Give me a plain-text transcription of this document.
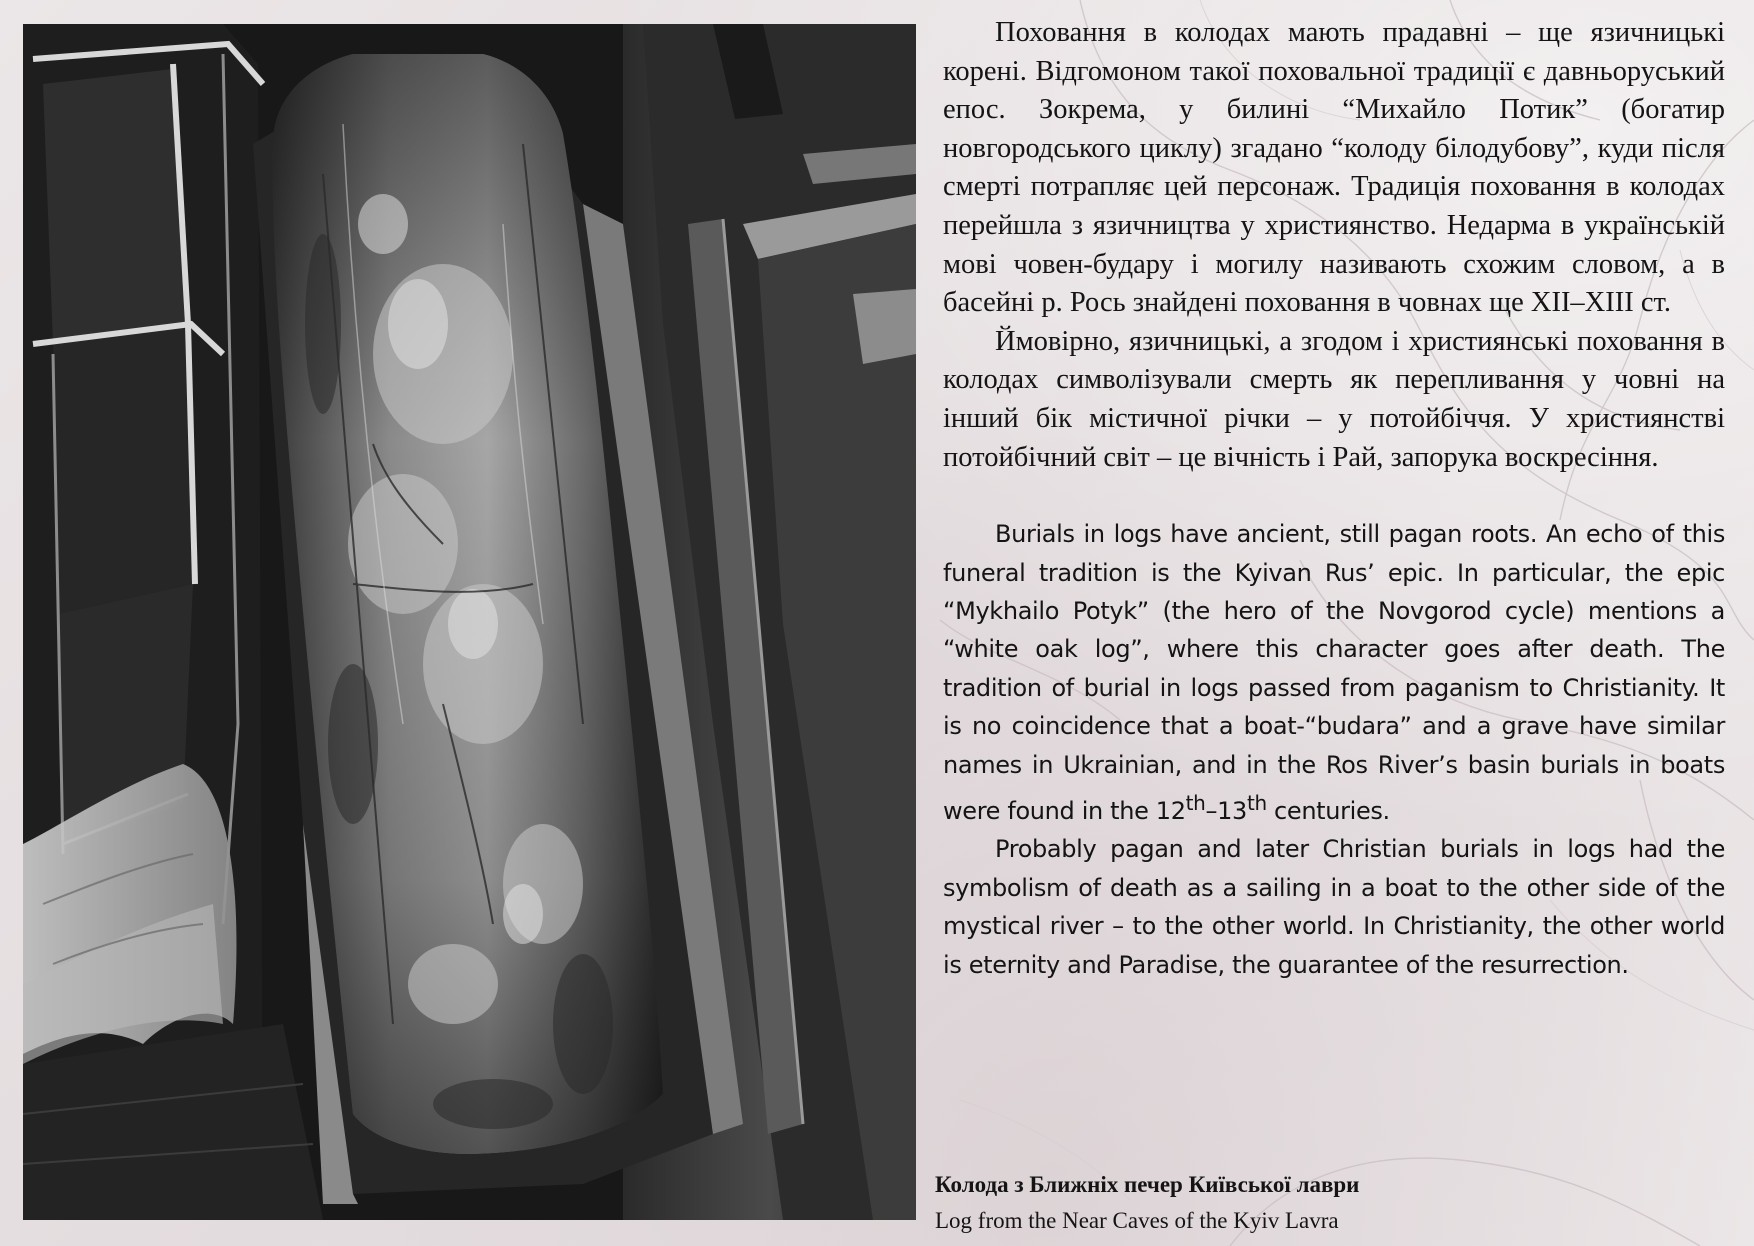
Поховання в колодах мають прадавні – ще язичницькі корені. Відгомоном такої поховальної традиції є давньоруський епос. Зокрема, у билині “Михайло Потик” (богатир новгородського циклу) згадано “колоду білодубову”, куди після смерті потрапляє цей персонаж. Традиція поховання в колодах перейшла з язичництва у християнство. Недарма в українській мові човен-будару і могилу називають схожим словом, а в басейні р. Рось знайдені поховання в човнах ще XII–XIII ст.

Ймовірно, язичницькі, а згодом і християнські поховання в колодах символізували смерть як перепливання у човні на інший бік містичної річки – у потойбіччя. У християнстві потойбічний світ – це вічність і Рай, запорука воскресіння.

Burials in logs have ancient, still pagan roots. An echo of this funeral tradition is the Kyivan Rus’ epic. In particular, the epic “Mykhailo Potyk” (the hero of the Novgorod cycle) mentions a “white oak log”, where this character goes after death. The tradition of burial in logs passed from paganism to Christianity. It is no coincidence that a boat-“budara” and a grave have similar names in Ukrainian, and in the Ros River’s basin burials in boats were found in the 12th–13th centuries.

Probably pagan and later Christian burials in logs had the symbolism of death as a sailing in a boat to the other side of the mystical river – to the other world. In Christianity, the other world is eternity and Paradise, the guarantee of the resurrection.

Колода з Ближніх печер Київської лаври
Log from the Near Caves of the Kyiv Lavra
